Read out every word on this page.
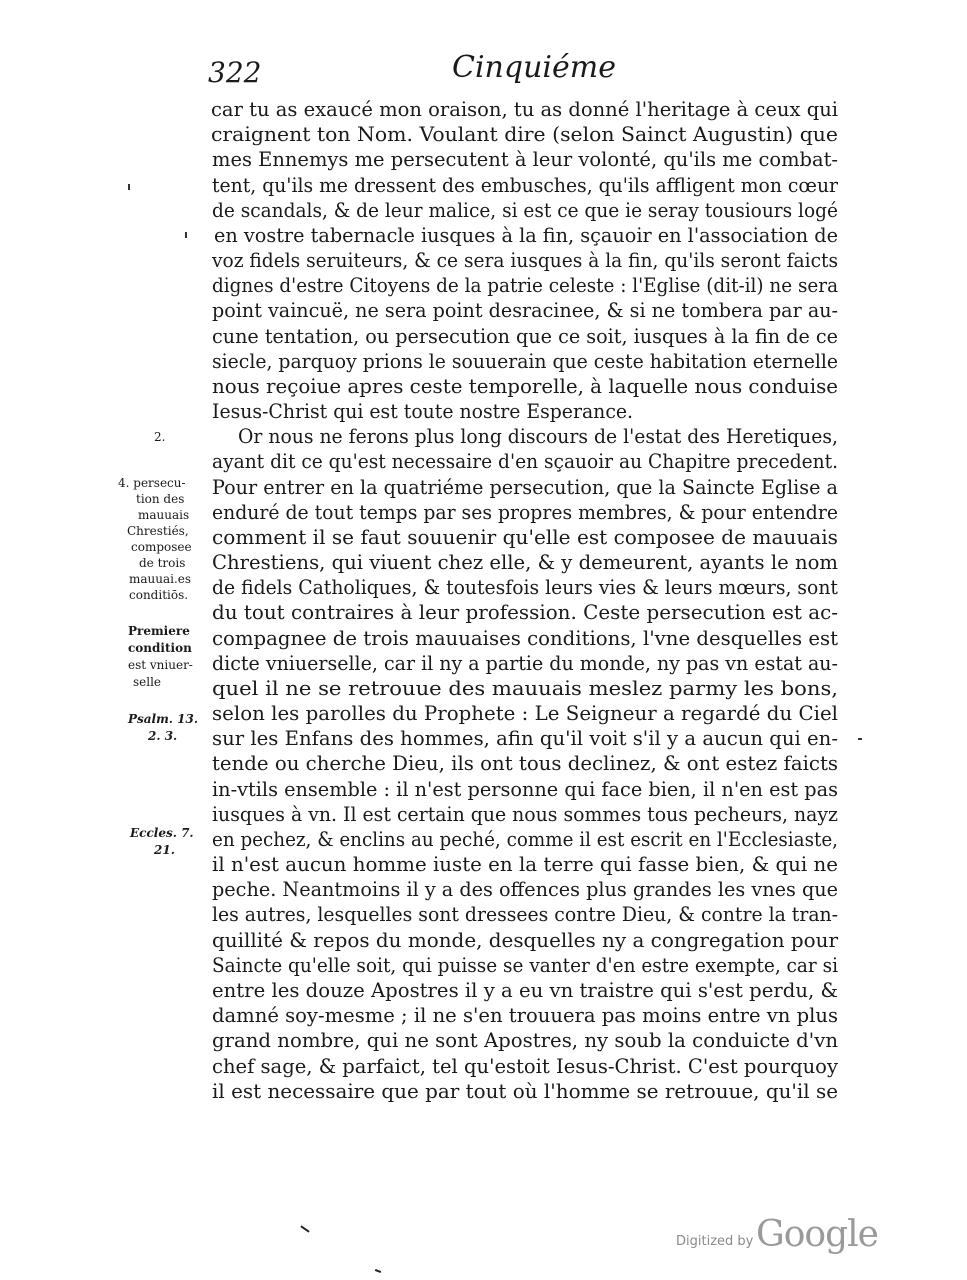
322	Cinquiéme
car tu as exaucé mon oraison, tu as donné l'heritage à ceux qui
craignent ton Nom. Voulant dire (selon Sainct Augustin) que
mes Ennemys me persecutent à leur volonté, qu'ils me combat-
tent, qu'ils me dressent des embusches, qu'ils affligent mon cœur
de scandals, & de leur malice, si est ce que ie seray tousiours logé
en vostre tabernacle iusques à la fin, sçauoir en l'association de
voz fidels seruiteurs, & ce sera iusques à la fin, qu'ils seront faicts
dignes d'estre Citoyens de la patrie celeste : l'Eglise (dit-il) ne sera
point vaincuë, ne sera point desracinee, & si ne tombera par au-
cune tentation, ou persecution que ce soit, iusques à la fin de ce
siecle, parquoy prions le souuerain que ceste habitation eternelle
nous reçoiue apres ceste temporelle, à laquelle nous conduise
Iesus-Christ qui est toute nostre Esperance.
Or nous ne ferons plus long discours de l'estat des Heretiques,
ayant dit ce qu'est necessaire d'en sçauoir au Chapitre precedent.
Pour entrer en la quatriéme persecution, que la Saincte Eglise a
enduré de tout temps par ses propres membres, & pour entendre
comment il se faut souuenir qu'elle est composee de mauuais
Chrestiens, qui viuent chez elle, & y demeurent, ayants le nom
de fidels Catholiques, & toutesfois leurs vies & leurs mœurs, sont
du tout contraires à leur profession. Ceste persecution est ac-
compagnee de trois mauuaises conditions, l'vne desquelles est
dicte vniuerselle, car il ny a partie du monde, ny pas vn estat au-
quel il ne se retrouue des mauuais meslez parmy les bons,
selon les parolles du Prophete : Le Seigneur a regardé du Ciel
sur les Enfans des hommes, afin qu'il voit s'il y a aucun qui en-
tende ou cherche Dieu, ils ont tous declinez, & ont estez faicts
in-vtils ensemble : il n'est personne qui face bien, il n'en est pas
iusques à vn. Il est certain que nous sommes tous pecheurs, nayz
en pechez, & enclins au peché, comme il est escrit en l'Ecclesiaste,
il n'est aucun homme iuste en la terre qui fasse bien, & qui ne
peche. Neantmoins il y a des offences plus grandes les vnes que
les autres, lesquelles sont dressees contre Dieu, & contre la tran-
quillité & repos du monde, desquelles ny a congregation pour
Saincte qu'elle soit, qui puisse se vanter d'en estre exempte, car si
entre les douze Apostres il y a eu vn traistre qui s'est perdu, &
damné soy-mesme ; il ne s'en trouuera pas moins entre vn plus
grand nombre, qui ne sont Apostres, ny soub la conduicte d'vn
chef sage, & parfaict, tel qu'estoit Iesus-Christ. C'est pourquoy
il est necessaire que par tout où l'homme se retrouue, qu'il se
2.
4. persecu-
tion des
mauuais
Chrestiés,
composee
de trois
mauuai.es
conditiōs.
Premiere
condition
est vniuer-
selle
Psalm. 13.
2. 3.
Eccles. 7.
21.
Digitized by Google
